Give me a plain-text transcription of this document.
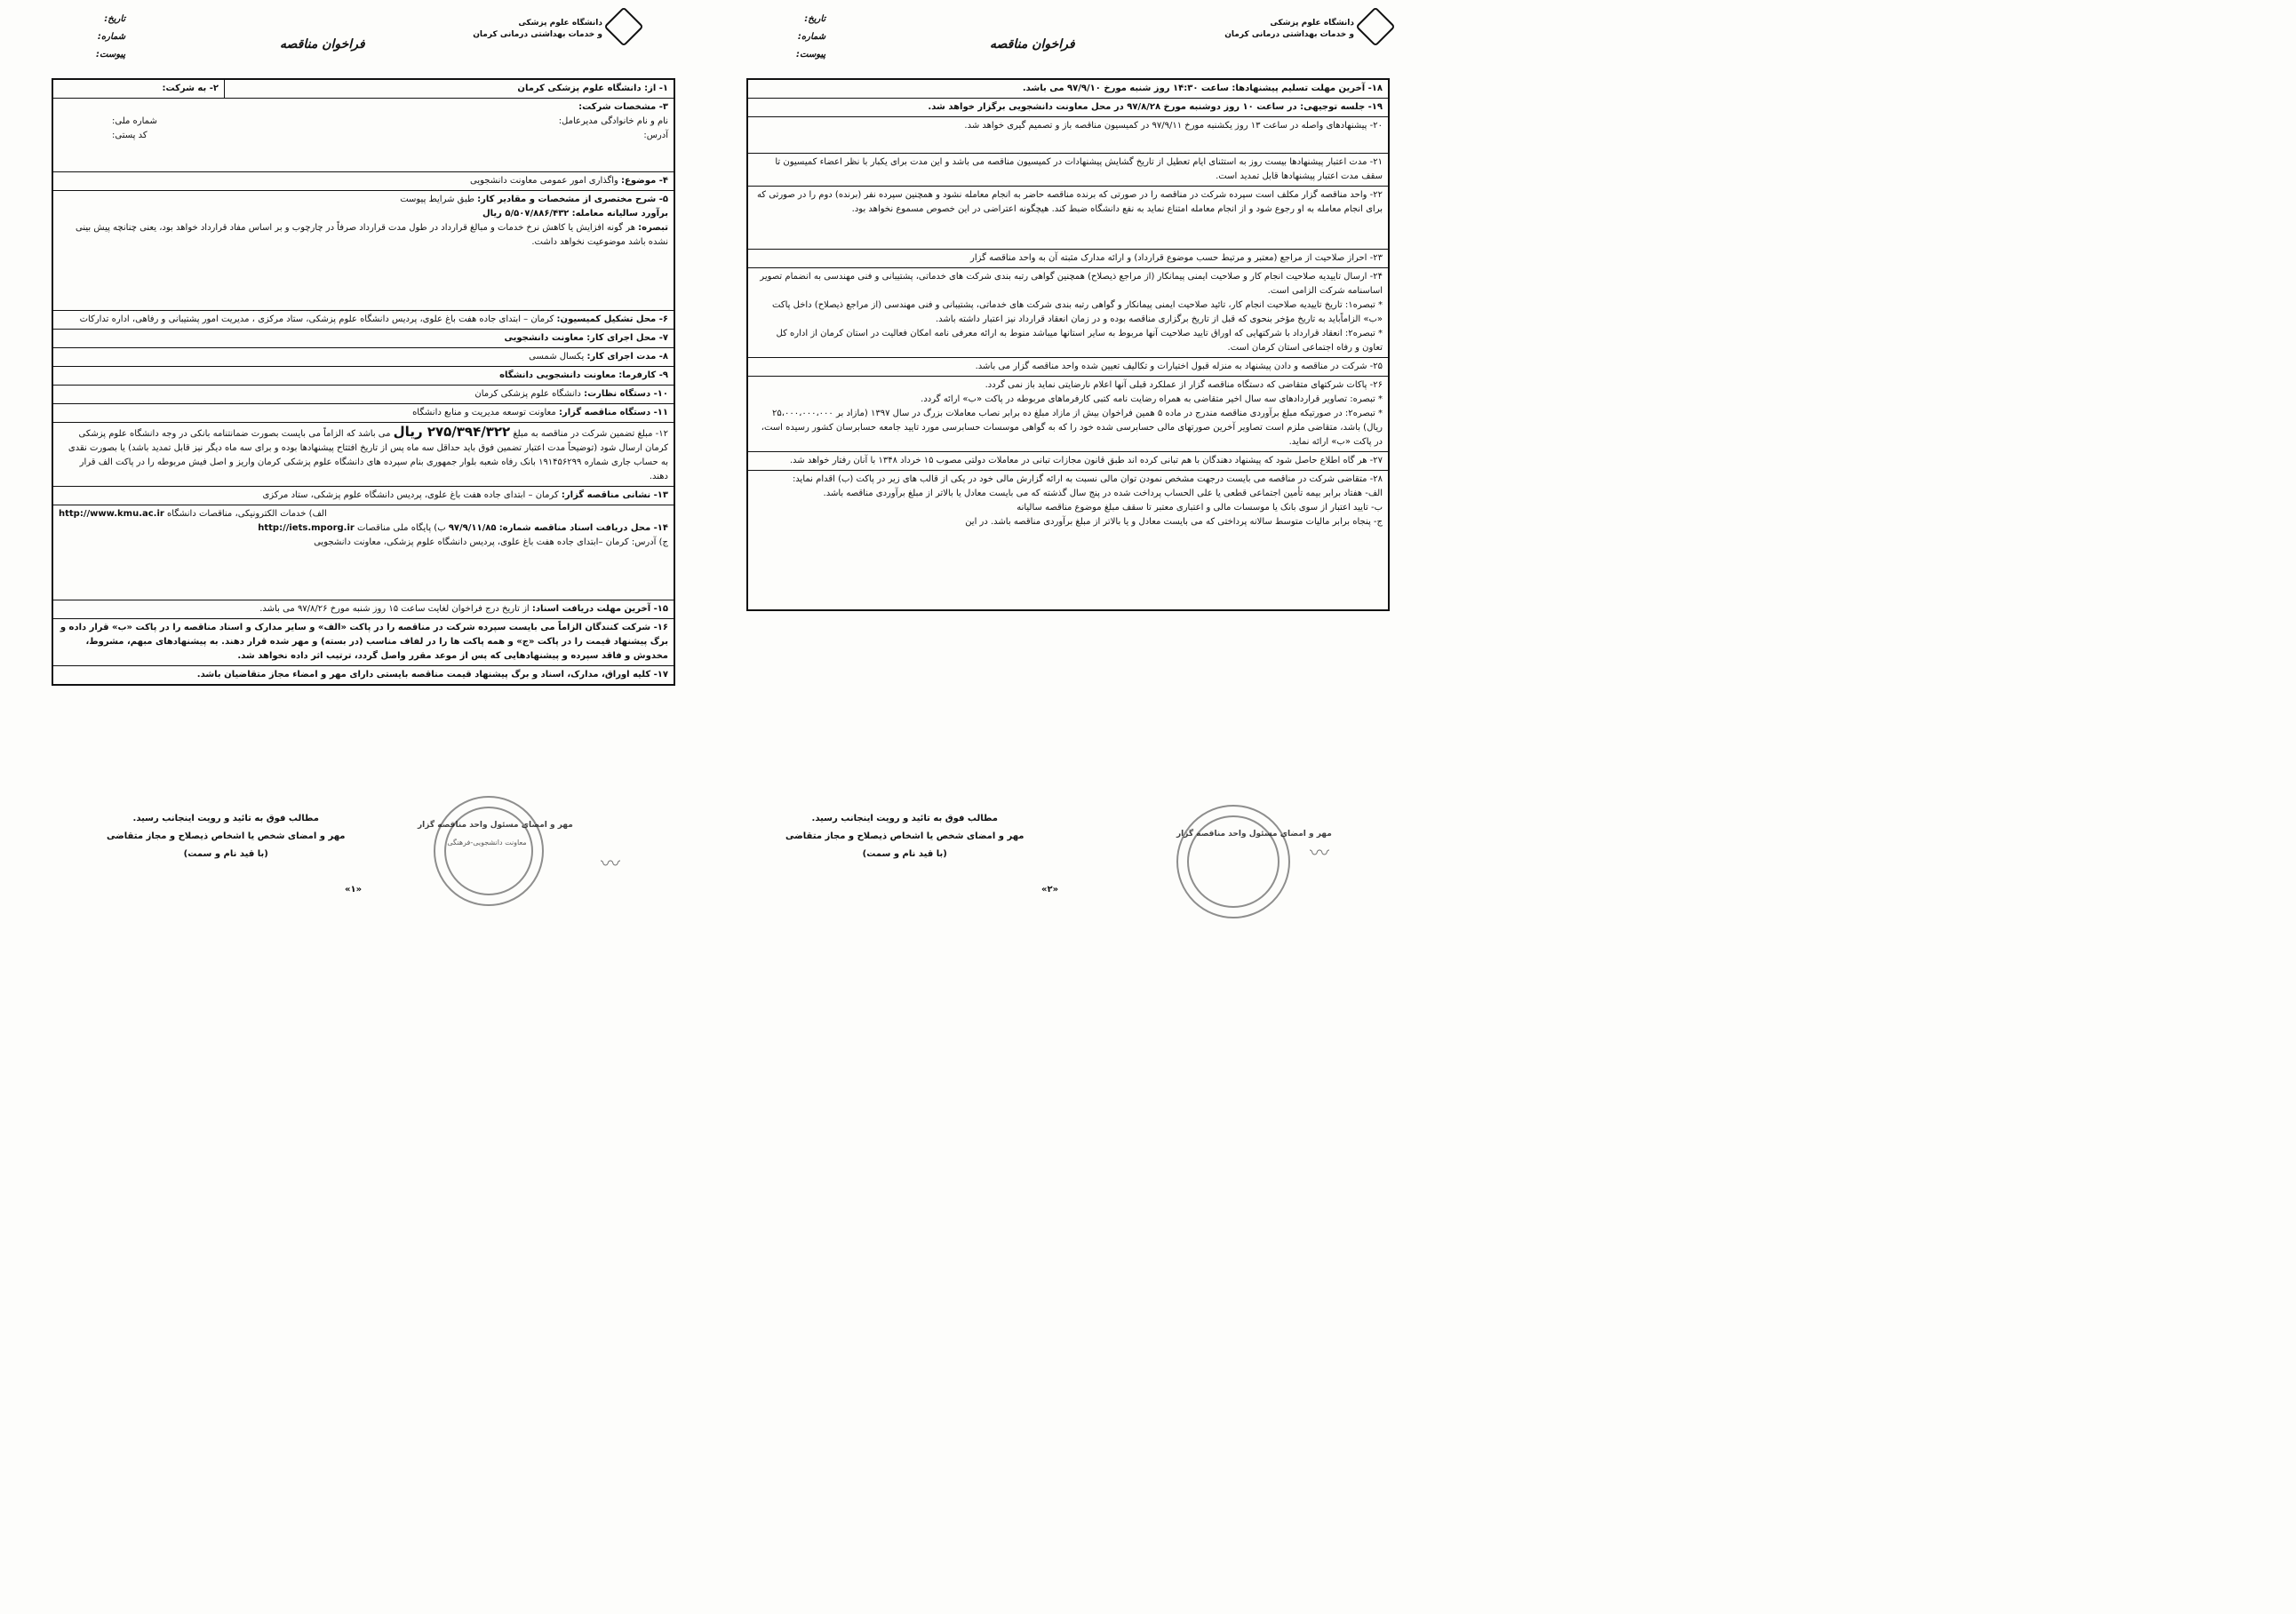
دانشگاه علوم پزشکی
و خدمات بهداشتی درمانی کرمان
فراخوان مناقصه
تاریخ:
شماره:
پیوست:
۱- از: دانشگاه علوم پزشکی کرمان
۲- به شرکت:
۳- مشخصات شرکت:
نام و نام خانوادگی مدیرعامل:
شماره ملی:
آدرس:
کد پستی:
۴- موضوع: واگذاری امور عمومی معاونت دانشجویی
۵- شرح مختصری از مشخصات و مقادیر کار: طبق شرایط پیوست
برآورد سالیانه معامله: ۵/۵۰۷/۸۸۶/۴۳۲ ریال
تبصره: هر گونه افزایش یا کاهش نرخ خدمات و مبالغ قرارداد در طول مدت قرارداد صرفاً در چارچوب و بر اساس مفاد قرارداد خواهد بود، یعنی چنانچه پیش بینی نشده باشد موضوعیت نخواهد داشت.
۶- محل تشکیل کمیسیون: کرمان – ابتدای جاده هفت باغ علوی، پردیس دانشگاه علوم پزشکی، ستاد مرکزی ، مدیریت امور پشتیبانی و رفاهی، اداره تدارکات
۷- محل اجرای کار: معاونت دانشجویی
۸- مدت اجرای کار: یکسال شمسی
۹- کارفرما: معاونت دانشجویی دانشگاه
۱۰- دستگاه نظارت: دانشگاه علوم پزشکی کرمان
۱۱- دستگاه مناقصه گزار: معاونت توسعه مدیریت و منابع دانشگاه
۱۲- مبلغ تضمین شرکت در مناقصه به مبلغ ۲۷۵/۳۹۴/۳۲۲ ریال می باشد که الزاماً می بایست بصورت ضمانتنامه بانکی در وجه دانشگاه علوم پزشکی کرمان ارسال شود (توضیحاً مدت اعتبار تضمین فوق باید حداقل سه ماه پس از تاریخ افتتاح پیشنهادها بوده و برای سه ماه دیگر نیز قابل تمدید باشد) یا بصورت نقدی به حساب جاری شماره ۱۹۱۴۵۶۲۹۹ بانک رفاه شعبه بلوار جمهوری بنام سپرده های دانشگاه علوم پزشکی کرمان واریز و اصل فیش مربوطه را در پاکت الف قرار دهند.
۱۳- نشانی مناقصه گزار: کرمان – ابتدای جاده هفت باغ علوی، پردیس دانشگاه علوم پزشکی، ستاد مرکزی
الف) خدمات الکترونیکی، مناقصات دانشگاه http://www.kmu.ac.ir
۱۴- محل دریافت اسناد مناقصه شماره: ۹۷/۹/۱۱/۸۵ ب) پایگاه ملی مناقصات http://iets.mporg.ir
ج) آدرس: کرمان –ابتدای جاده هفت باغ علوی، پردیس دانشگاه علوم پزشکی، معاونت دانشجویی
۱۵- آخرین مهلت دریافت اسناد: از تاریخ درج فراخوان لغایت ساعت ۱۵ روز شنبه مورخ ۹۷/۸/۲۶ می باشد.
۱۶- شرکت کنندگان الزاماً می بایست سپرده شرکت در مناقصه را در پاکت «الف» و سایر مدارک و اسناد مناقصه را در پاکت «ب» قرار داده و برگ پیشنهاد قیمت را در پاکت «ج» و همه پاکت ها را در لفاف مناسب (در بسته) و مهر شده قرار دهند. به پیشنهادهای مبهم، مشروط، مخدوش و فاقد سپرده و پیشنهادهایی که پس از موعد مقرر واصل گردد، ترتیب اثر داده نخواهد شد.
۱۷- کلیه اوراق، مدارک، اسناد و برگ پیشنهاد قیمت مناقصه بایستی دارای مهر و امضاء مجاز متقاضیان باشد.
مطالب فوق به تائید و رویت اینجانب رسید.
مهر و امضای شخص یا اشخاص ذیصلاح و مجاز متقاضی
(با قید نام و سمت)
معاونت دانشجویی-فرهنگی
مهر و امضای مسئول واحد مناقصه گزار
〰
«۱»
دانشگاه علوم پزشکی
و خدمات بهداشتی درمانی کرمان
فراخوان مناقصه
تاریخ:
شماره:
پیوست:
۱۸- آخرین مهلت تسلیم پیشنهادها: ساعت ۱۴:۳۰ روز شنبه مورخ ۹۷/۹/۱۰ می باشد.
۱۹- جلسه توجیهی: در ساعت ۱۰ روز دوشنبه مورخ ۹۷/۸/۲۸ در محل معاونت دانشجویی برگزار خواهد شد.
۲۰- پیشنهادهای واصله در ساعت ۱۳ روز یکشنبه مورخ ۹۷/۹/۱۱ در کمیسیون مناقصه باز و تصمیم گیری خواهد شد.
۲۱- مدت اعتبار پیشنهادها بیست روز به استثنای ایام تعطیل از تاریخ گشایش پیشنهادات در کمیسیون مناقصه می باشد و این مدت برای یکبار با نظر اعضاء کمیسیون تا سقف مدت اعتبار پیشنهادها قابل تمدید است.
۲۲- واحد مناقصه گزار مکلف است سپرده شرکت در مناقصه را در صورتی که برنده مناقصه حاضر به انجام معامله نشود و همچنین سپرده نفر (برنده) دوم را در صورتی که برای انجام معامله به او رجوع شود و از انجام معامله امتناع نماید به نفع دانشگاه ضبط کند. هیچگونه اعتراضی در این خصوص مسموع نخواهد بود.
۲۳- احراز صلاحیت از مراجع (معتبر و مرتبط حسب موضوع قرارداد) و ارائه مدارک مثبته آن به واحد مناقصه گزار
۲۴- ارسال تاییدیه صلاحیت انجام کار و صلاحیت ایمنی پیمانکار (از مراجع ذیصلاح) همچنین گواهی رتبه بندی شرکت های خدماتی، پشتیبانی و فنی مهندسی به انضمام تصویر اساسنامه شرکت الزامی است.
* تبصره۱: تاریخ تاییدیه صلاحیت انجام کار، تائید صلاحیت ایمنی پیمانکار و گواهی رتبه بندی شرکت های خدماتی، پشتیبانی و فنی مهندسی (از مراجع ذیصلاح) داخل پاکت «ب» الزاماًباید به تاریخ مؤخر بنحوی که قبل از تاریخ برگزاری مناقصه بوده و در زمان انعقاد قرارداد نیز اعتبار داشته باشد.
* تبصره۲: انعقاد قرارداد با شرکتهایی که اوراق تایید صلاحیت آنها مربوط به سایر استانها میباشد منوط به ارائه معرفی نامه امکان فعالیت در استان کرمان از اداره کل تعاون و رفاه اجتماعی استان کرمان است.
۲۵- شرکت در مناقصه و دادن پیشنهاد به منزله قبول اختیارات و تکالیف تعیین شده واحد مناقصه گزار می باشد.
۲۶- پاکات شرکتهای متقاضی که دستگاه مناقصه گزار از عملکرد قبلی آنها اعلام نارضایتی نماید باز نمی گردد.
* تبصره: تصاویر قراردادهای سه سال اخیر متقاضی به همراه رضایت نامه کتبی کارفرماهای مربوطه در پاکت «ب» ارائه گردد.
* تبصره۲: در صورتیکه مبلغ برآوردی مناقصه مندرج در ماده ۵ همین فراخوان بیش از مازاد مبلغ ده برابر نصاب معاملات بزرگ در سال ۱۳۹۷ (مازاد بر ۲۵،۰۰۰،۰۰۰،۰۰۰ ریال) باشد، متقاضی ملزم است تصاویر آخرین صورتهای مالی حسابرسی شده خود را که به گواهی موسسات حسابرسی مورد تایید جامعه حسابرسان کشور رسیده است، در پاکت «ب» ارائه نماید.
۲۷- هر گاه اطلاع حاصل شود که پیشنهاد دهندگان با هم تبانی کرده اند طبق قانون مجازات تبانی در معاملات دولتی مصوب ۱۵ خرداد ۱۳۴۸ با آنان رفتار خواهد شد.
۲۸- متقاضی شرکت در مناقصه می بایست درجهت مشخص نمودن توان مالی نسبت به ارائه گزارش مالی خود در یکی از قالب های زیر در پاکت (ب) اقدام نماید:
الف- هفتاد برابر بیمه تأمین اجتماعی قطعی یا علی الحساب پرداخت شده در پنج سال گذشته که می بایست معادل یا بالاتر از مبلغ برآوردی مناقصه باشد.
ب- تایید اعتبار از سوی بانک یا موسسات مالی و اعتباری معتبر تا سقف مبلغ موضوع مناقصه سالیانه
ج- پنجاه برابر مالیات متوسط سالانه پرداختی که می بایست معادل و یا بالاتر از مبلغ برآوردی مناقصه باشد. در این
مطالب فوق به تائید و رویت اینجانب رسید.
مهر و امضای شخص یا اشخاص ذیصلاح و مجاز متقاضی
(با قید نام و سمت)
مهر و امضای مسئول واحد مناقصه گزار
〰
«۲»
